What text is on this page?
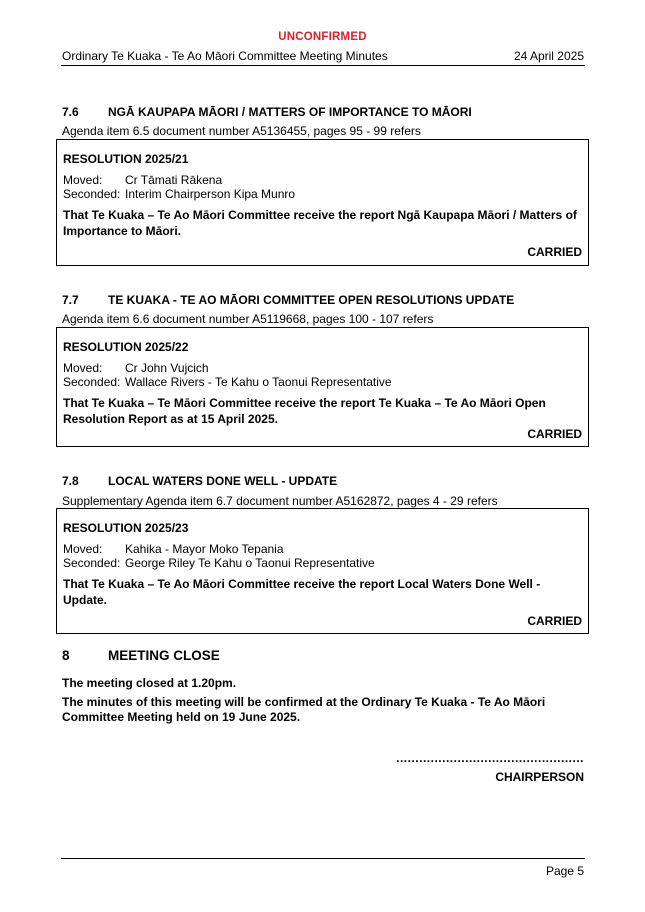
UNCONFIRMED
Ordinary Te Kuaka - Te Ao Māori Committee Meeting Minutes	24 April 2025
7.6 NGĀ KAUPAPA MĀORI / MATTERS OF IMPORTANCE TO MĀORI
Agenda item 6.5 document number A5136455, pages 95 - 99 refers
RESOLUTION 2025/21
Moved: Cr Tāmati Rākena
Seconded: Interim Chairperson Kipa Munro
That Te Kuaka – Te Ao Māori Committee receive the report Ngā Kaupapa Māori / Matters of
Importance to Māori.
CARRIED
7.7 TE KUAKA - TE AO MĀORI COMMITTEE OPEN RESOLUTIONS UPDATE
Agenda item 6.6 document number A5119668, pages 100 - 107 refers
RESOLUTION 2025/22
Moved: Cr John Vujcich
Seconded: Wallace Rivers - Te Kahu o Taonui Representative
That Te Kuaka – Te Māori Committee receive the report Te Kuaka – Te Ao Māori Open
Resolution Report as at 15 April 2025.
CARRIED
7.8 LOCAL WATERS DONE WELL - UPDATE
Supplementary Agenda item 6.7 document number A5162872, pages 4 - 29 refers
RESOLUTION 2025/23
Moved: Kahika - Mayor Moko Tepania
Seconded: George Riley Te Kahu o Taonui Representative
That Te Kuaka – Te Ao Māori Committee receive the report Local Waters Done Well -
Update.
CARRIED
8	MEETING CLOSE
The meeting closed at 1.20pm.
The minutes of this meeting will be confirmed at the Ordinary Te Kuaka - Te Ao Māori
Committee Meeting held on 19 June 2025.
.................................................
CHAIRPERSON
Page 5
